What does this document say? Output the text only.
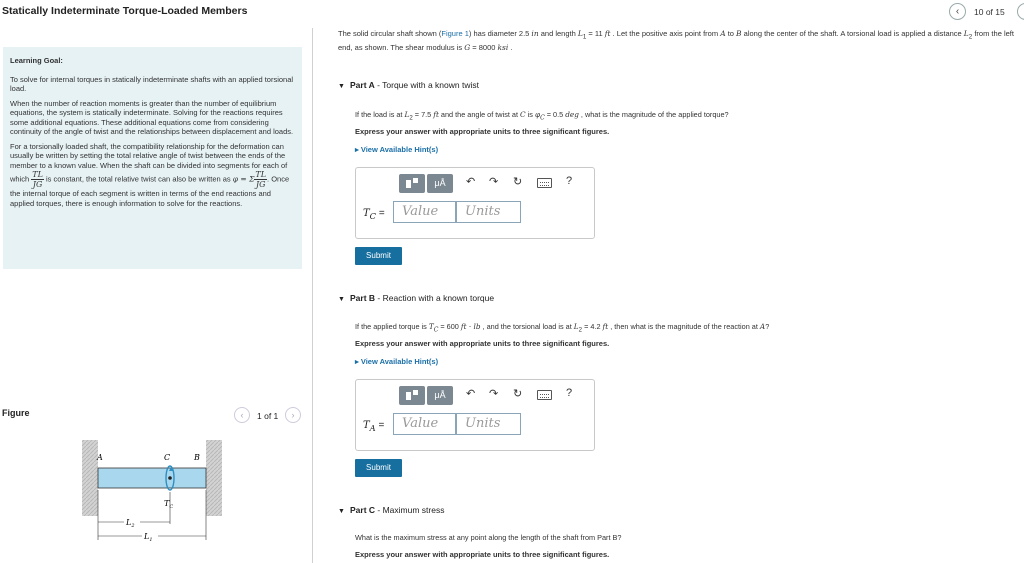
Statically Indeterminate Torque-Loaded Members	‹	10 of 15
Learning Goal:

To solve for internal torques in statically indeterminate shafts with an applied torsional load.

When the number of reaction moments is greater than the number of equilibrium equations, the system is statically indeterminate. Solving for the reactions requires some additional equations. These additional equations come from considering continuity of the angle of twist and the relationships between displacement and loads.

For a torsionally loaded shaft, the compatibility relationship for the deformation can usually be written by setting the total relative angle of twist between the ends of the member to a known value. When the shaft can be divided into segments for each of which $\frac{TL}{JG}$ is constant, the total relative twist can also be written as φ = Σ $\frac{TL}{JG}$ . Once the internal torque of each segment is written in terms of the end reactions and applied torques, there is enough information to solve for the reactions.

Figure	‹	1 of 1	›
A	C	B
$T_C$
$L_2$
$L_1$
The solid circular shaft shown (Figure 1) has diameter 2.5 in and length $L_1 = 11$ ft . Let the positive axis point from A to B along the center of the shaft. A torsional load is applied a distance $L_2$ from the left end, as shown. The shear modulus is G = 8000 ksi .
▼ Part A - Torque with a known twist
If the load is at $L_2 = 7.5$ ft and the angle of twist at C is $\varphi_C = 0.5$ deg , what is the magnitude of the applied torque?
Express your answer with appropriate units to three significant figures.
▸ View Available Hint(s)
μÅ	↶ ↷ ↻	?
$T_C$ =	Value	Units
Submit
▼ Part B - Reaction with a known torque
If the applied torque is $T_C = 600$ ft · lb , and the torsional load is at $L_2 = 4.2$ ft , then what is the magnitude of the reaction at A?
Express your answer with appropriate units to three significant figures.
▸ View Available Hint(s)
μÅ	↶ ↷ ↻	?
$T_A$ =	Value	Units
Submit
▼ Part C - Maximum stress
What is the maximum stress at any point along the length of the shaft from Part B?
Express your answer with appropriate units to three significant figures.
